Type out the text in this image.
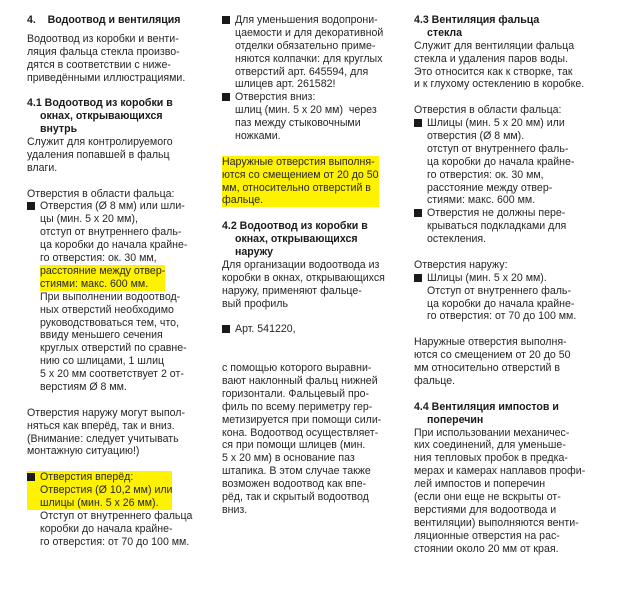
4.    Водоотвод и вентиляция
Водоотвод из коробки и венти-
ляция фальца стекла произво-
дятся в соответствии с ниже-
приведёнными иллюстрациями.
4.1 Водоотвод из коробки в
окнах, открывающихся
внутрь
Служит для контролируемого
удаления попавшей в фальц
влаги.
Отверстия в области фальца:
Отверстия (Ø 8 мм) или шли-
цы (мин. 5 x 20 мм),
отступ от внутреннего фаль-
ца коробки до начала крайне-
го отверстия: ок. 30 мм,
расстояние между отвер-
стиями: макс. 600 мм.
При выполнении водоотвод-
ных отверстий необходимо
руководствоваться тем, что,
ввиду меньшего сечения
круглых отверстий по сравне-
нию со шлицами, 1 шлиц
5 x 20 мм соответствует 2 от-
верстиям Ø 8 мм.
Отверстия наружу могут выпол-
няться как вперёд, так и вниз.
(Внимание: следует учитывать
монтажную ситуацию!)
Отверстия вперёд:
Отверстия (Ø 10,2 мм) или
шлицы (мин. 5 x 26 мм).
Отступ от внутреннего фальца
коробки до начала крайне-
го отверстия: от 70 до 100 мм.
Для уменьшения водопрони-
цаемости и для декоративной
отделки обязательно приме-
няются колпачки: для круглых
отверстий арт. 645594, для
шлицев арт. 261582!
Отверстия вниз:
шлиц (мин. 5 x 20 мм)  через
паз между стыковочными
ножками.
Наружные отверстия выполня-
ются со смещением от 20 до 50
мм, относительно отверстий в
фальце.
4.2 Водоотвод из коробки в
окнах, открывающихся
наружу
Для организации водоотвода из
коробки в окнах, открывающихся
наружу, применяют фальце-
вый профиль
Арт. 541220,
с помощью которого выравни-
вают наклонный фальц нижней
горизонтали. Фальцевый про-
филь по всему периметру гер-
метизируется при помощи сили-
кона. Водоотвод осуществляет-
ся при помощи шлицев (мин.
5 x 20 мм) в основание паз
штапика. В этом случае также
возможен водоотвод как впе-
рёд, так и скрытый водоотвод
вниз.
4.3 Вентиляция фальца
стекла
Служит для вентиляции фальца
стекла и удаления паров воды.
Это относится как к створке, так
и к глухому остеклению в коробке.
Отверстия в области фальца:
Шлицы (мин. 5 x 20 мм) или
отверстия (Ø 8 мм).
отступ от внутреннего фаль-
ца коробки до начала крайне-
го отверстия: ок. 30 мм,
расстояние между отвер-
стиями: макс. 600 мм.
Отверстия не должны пере-
крываться подкладками для
остекления.
Отверстия наружу:
Шлицы (мин. 5 x 20 мм).
Отступ от внутреннего фаль-
ца коробки до начала крайне-
го отверстия: от 70 до 100 мм.
Наружные отверстия выполня-
ются со смещением от 20 до 50
мм относительно отверстий в
фальце.
4.4 Вентиляция импостов и
поперечин
При использовании механичес-
ких соединений, для уменьше-
ния тепловых пробок в предка-
мерах и камерах наплавов профи-
лей импостов и поперечин
(если они еще не вскрыты от-
верстиями для водоотвода и
вентиляции) выполняются венти-
ляционные отверстия на рас-
стоянии около 20 мм от края.
